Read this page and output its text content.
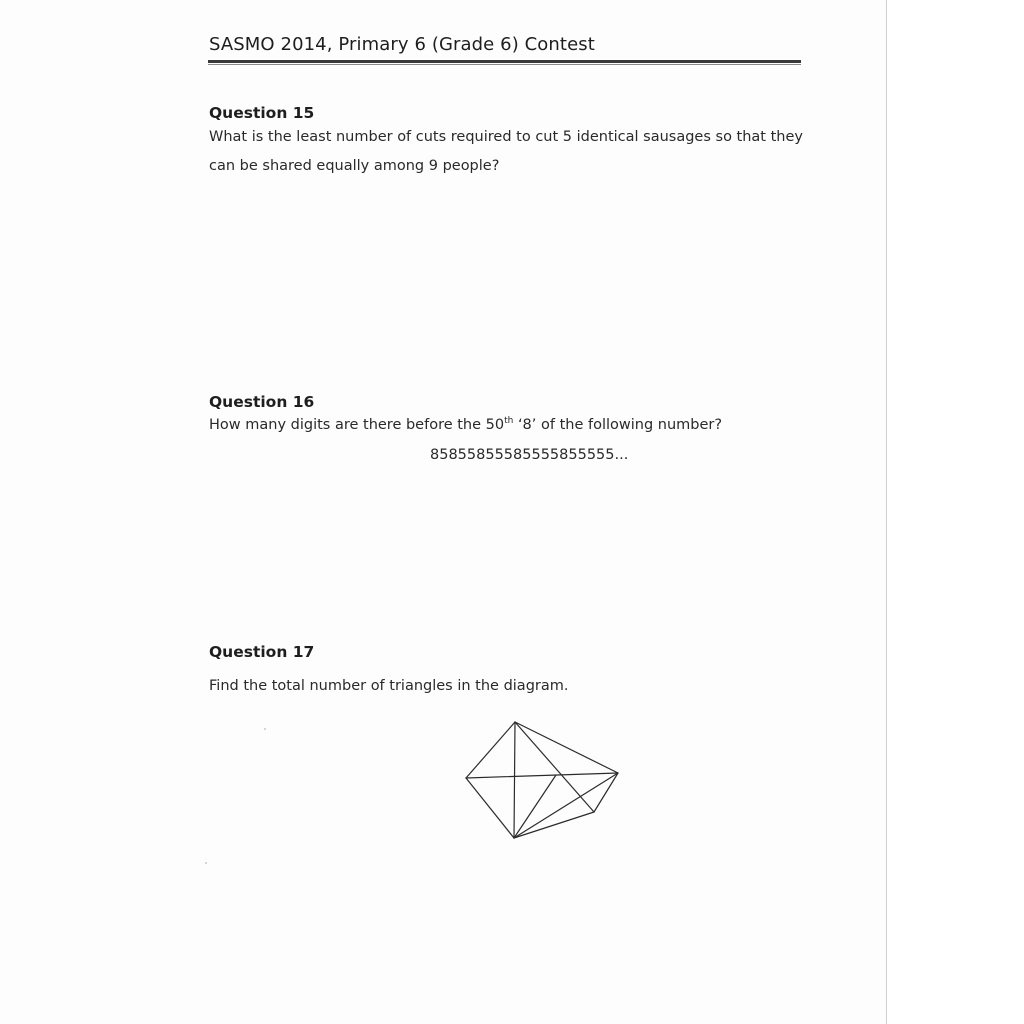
SASMO 2014, Primary 6 (Grade 6) Contest
Question 15
What is the least number of cuts required to cut 5 identical sausages so that they
can be shared equally among 9 people?
Question 16
How many digits are there before the 50th ‘8’ of the following number?
85855855585555855555...
Question 17
Find the total number of triangles in the diagram.
